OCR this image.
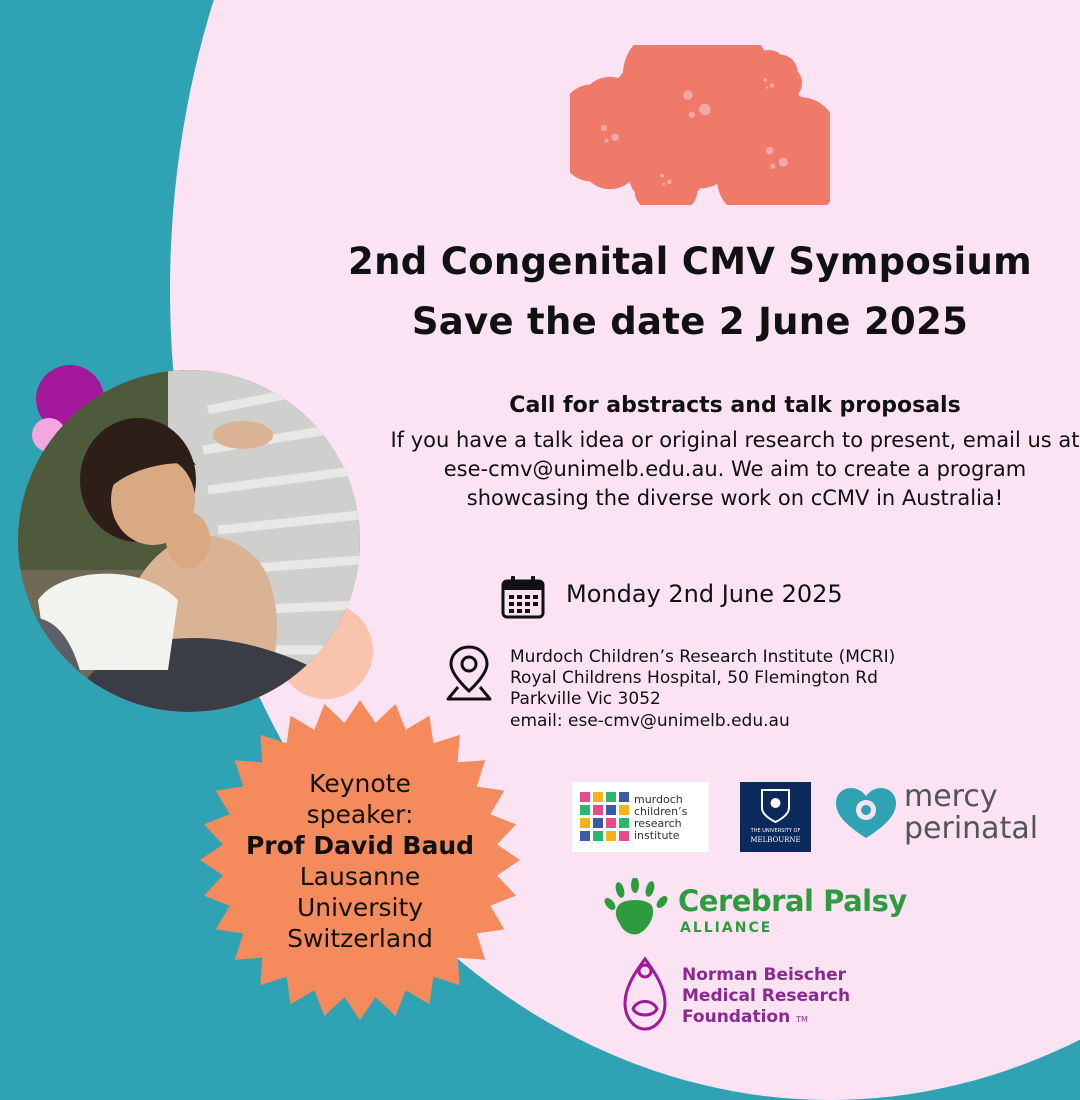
2nd Congenital CMV Symposium
Save the date 2 June 2025
Call for abstracts and talk proposals
If you have a talk idea or original research to present, email us at ese-cmv@unimelb.edu.au. We aim to create a program showcasing the diverse work on cCMV in Australia!
Monday 2nd June 2025
Murdoch Children’s Research Institute (MCRI)
Royal Childrens Hospital, 50 Flemington Rd
Parkville Vic 3052
email: ese-cmv@unimelb.edu.au
Keynote
speaker:
Prof David Baud
Lausanne
University
Switzerland
murdoch
children’s
research
institute	THE UNIVERSITY OF
MELBOURNE
mercy
perinatal
Cerebral Palsy
ALLIANCE
Norman Beischer
Medical Research
Foundation TM
